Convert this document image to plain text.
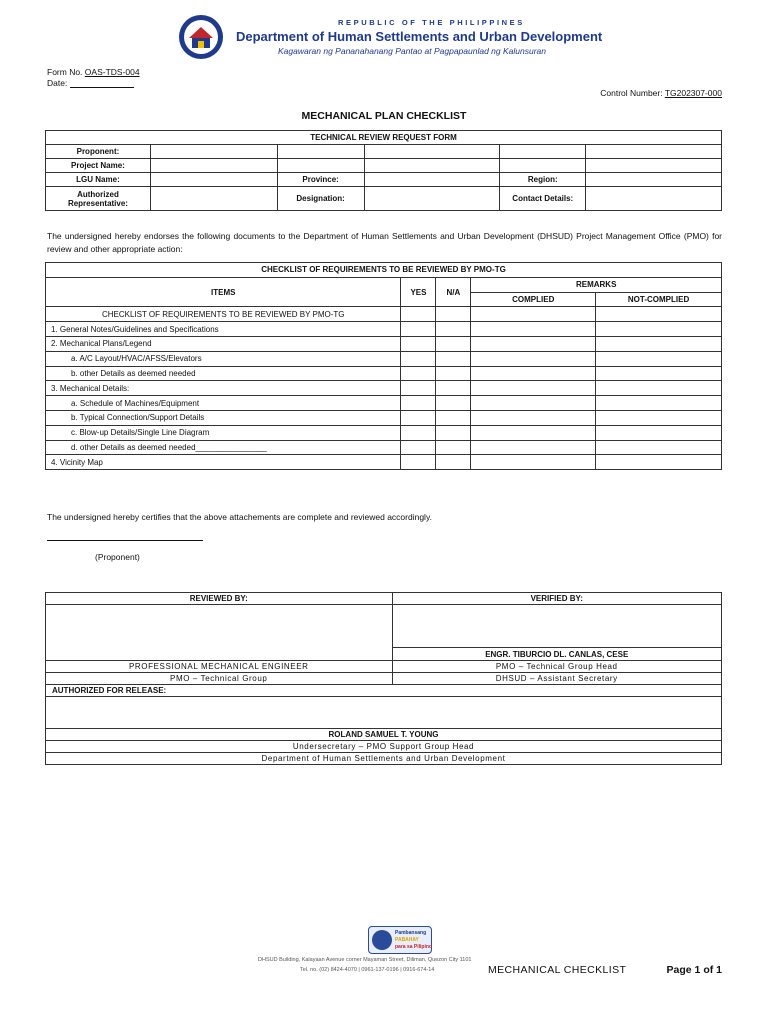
REPUBLIC OF THE PHILIPPINES
Department of Human Settlements and Urban Development
Kagawaran ng Pananahanang Pantao at Pagpapaunlad ng Kalunsuran
Form No. OAS-TDS-004
Date:
Control Number: TG202307-000
MECHANICAL PLAN CHECKLIST
TECHNICAL REVIEW REQUEST FORM					
Proponent:					
Project Name:					
LGU Name:		Province:		Region:	
Authorized Representative:		Designation:		Contact Details:	
The undersigned hereby endorses the following documents to the Department of Human Settlements and Urban Development (DHSUD) Project Management Office (PMO) for review and other appropriate action:
CHECKLIST OF REQUIREMENTS TO BE REVIEWED BY PMO-TG				
ITEMS	YES	N/A	REMARKS	
			COMPLIED	NOT-COMPLIED
CHECKLIST OF REQUIREMENTS TO BE REVIEWED BY PMO-TG				
1. General Notes/Guidelines and Specifications				
2. Mechanical Plans/Legend				
a. A/C Layout/HVAC/AFSS/Elevators				
b. other Details as deemed needed				
3. Mechanical Details:				
a. Schedule of Machines/Equipment				
b. Typical Connection/Support Details				
c. Blow-up Details/Single Line Diagram				
d. other Details as deemed needed________________				
4. Vicinity Map				
The undersigned hereby certifies that the above attachements are complete and reviewed accordingly.
(Proponent)
REVIEWED BY:	VERIFIED BY:

	ENGR. TIBURCIO DL. CANLAS, CESE
PROFESSIONAL MECHANICAL ENGINEER	PMO – Technical Group Head
PMO – Technical Group	DHSUD – Assistant Secretary
AUTHORIZED FOR RELEASE:	

ROLAND SAMUEL T. YOUNG	
Undersecretary – PMO Support Group Head	
Department of Human Settlements and Urban Development	
Pambansang
PABAHAY
para sa Pilipino
DHSUD Building, Kalayaan Avenue corner Mayaman Street, Diliman, Quezon City 1101
Tel. no. (02) 8424-4070 | 0961-137-0196 | 0916-674-14	MECHANICAL CHECKLIST	Page 1 of 1
